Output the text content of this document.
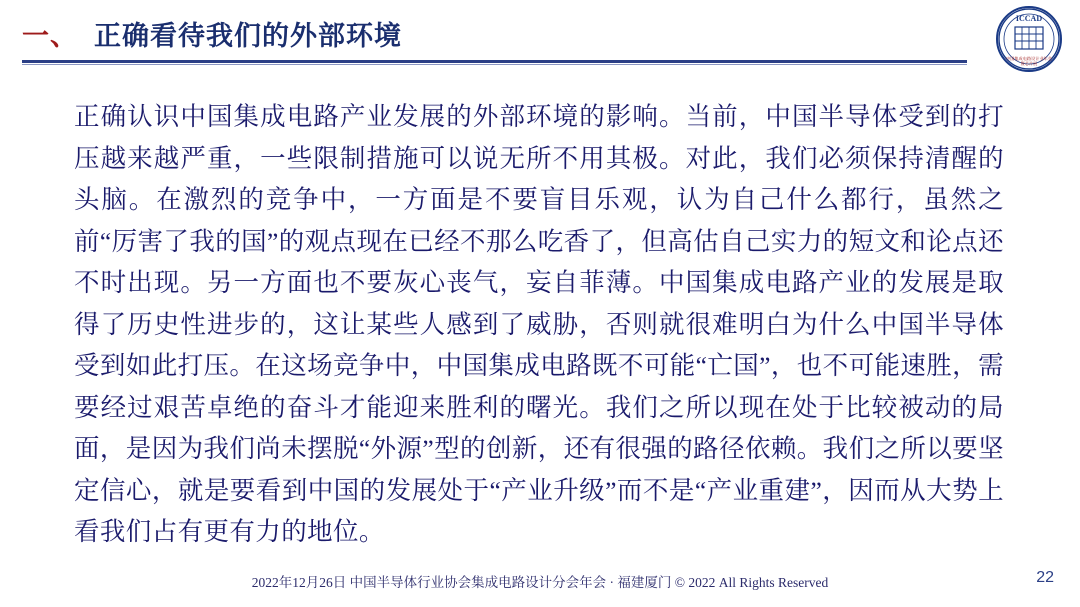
一、 正确看待我们的外部环境
ICCAD
中国集成电路设计业年会
暨芯片展
正确认识中国集成电路产业发展的外部环境的影响。当前，中国半导体受到的打压越来越严重，一些限制措施可以说无所不用其极。对此，我们必须保持清醒的头脑。在激烈的竞争中，一方面是不要盲目乐观，认为自己什么都行，虽然之前“厉害了我的国”的观点现在已经不那么吃香了，但高估自己实力的短文和论点还不时出现。另一方面也不要灰心丧气，妄自菲薄。中国集成电路产业的发展是取得了历史性进步的，这让某些人感到了威胁，否则就很难明白为什么中国半导体受到如此打压。在这场竞争中，中国集成电路既不可能“亡国”，也不可能速胜，需要经过艰苦卓绝的奋斗才能迎来胜利的曙光。我们之所以现在处于比较被动的局面，是因为我们尚未摆脱“外源”型的创新，还有很强的路径依赖。我们之所以要坚定信心，就是要看到中国的发展处于“产业升级”而不是“产业重建”，因而从大势上看我们占有更有力的地位。
2022年12月26日 中国半导体行业协会集成电路设计分会年会 · 福建厦门 © 2022 All Rights Reserved	22
